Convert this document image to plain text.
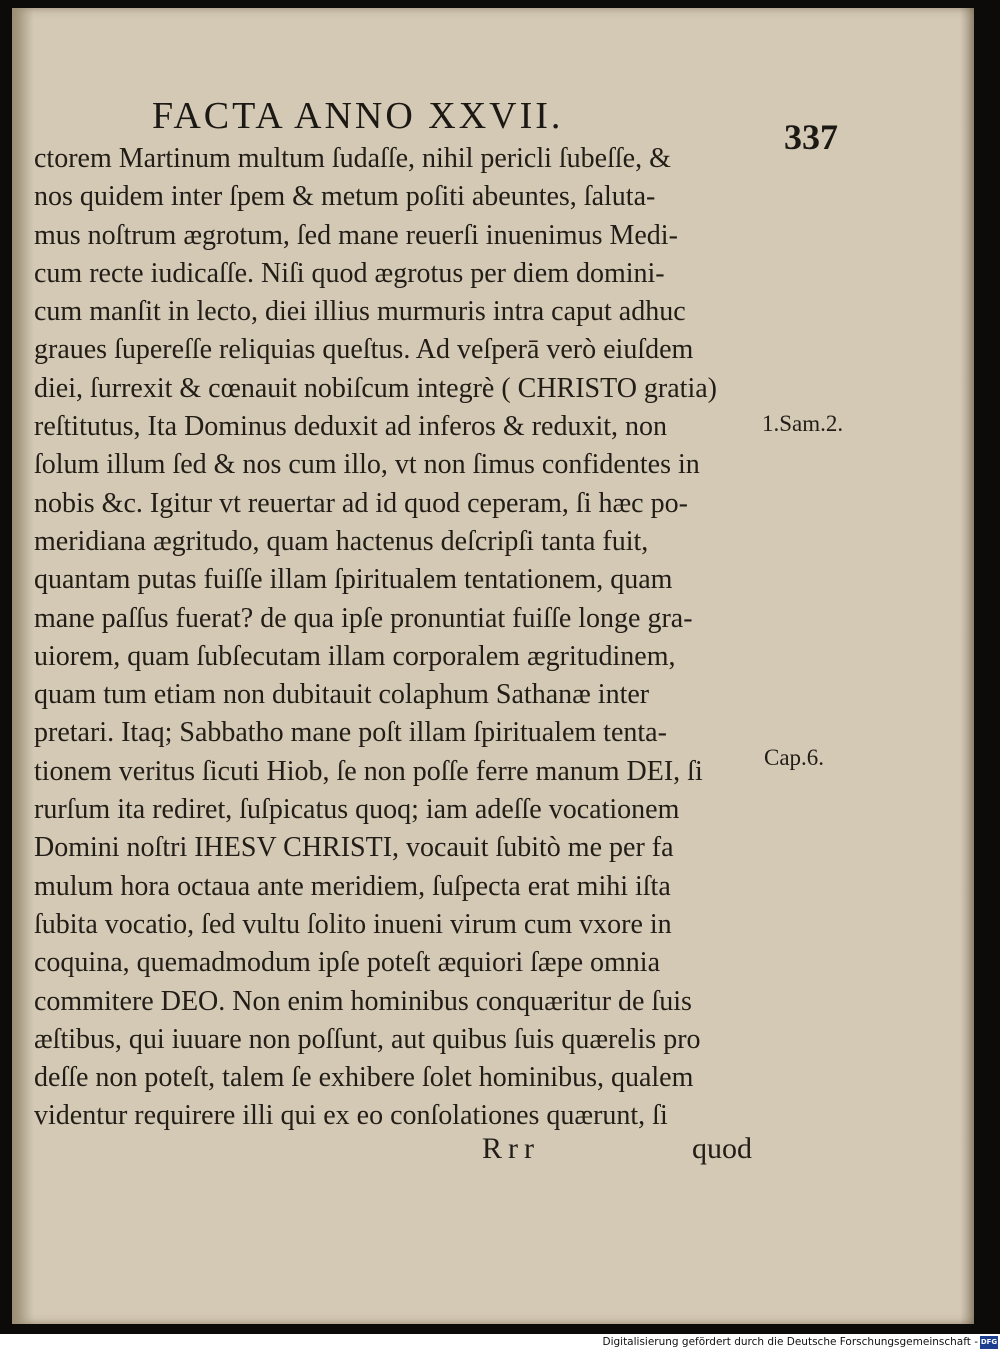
FACTA ANNO XXVII.	337
ctorem Martinum multum ſudaſſe, nihil pericli ſubeſſe, &
nos quidem inter ſpem & metum poſiti abeuntes, ſaluta-
mus noſtrum ægrotum, ſed mane reuerſi inuenimus Medi-
cum recte iudicaſſe. Niſi quod ægrotus per diem domini-
cum manſit in lecto, diei illius murmuris intra caput adhuc
graues ſupereſſe reliquias queſtus. Ad veſperā verò eiuſdem
diei, ſurrexit & cœnauit nobiſcum integrè ( CHRISTO gratia)
reſtitutus, Ita Dominus deduxit ad inferos & reduxit, non
ſolum illum ſed & nos cum illo, vt non ſimus confidentes in
nobis &c. Igitur vt reuertar ad id quod ceperam, ſi hæc po-
meridiana ægritudo, quam hactenus deſcripſi tanta fuit,
quantam putas fuiſſe illam ſpiritualem tentationem, quam
mane paſſus fuerat? de qua ipſe pronuntiat fuiſſe longe gra-
uiorem, quam ſubſecutam illam corporalem ægritudinem,
quam tum etiam non dubitauit colaphum Sathanæ inter
pretari. Itaq; Sabbatho mane poſt illam ſpiritualem tenta-
tionem veritus ſicuti Hiob, ſe non poſſe ferre manum DEI, ſi
rurſum ita rediret, ſuſpicatus quoq; iam adeſſe vocationem
Domini noſtri IHESV CHRISTI, vocauit ſubitò me per fa
mulum hora octaua ante meridiem, ſuſpecta erat mihi iſta
ſubita vocatio, ſed vultu ſolito inueni virum cum vxore in
coquina, quemadmodum ipſe poteſt æquiori ſæpe omnia
commitere DEO. Non enim hominibus conquæritur de ſuis
æſtibus, qui iuuare non poſſunt, aut quibus ſuis quærelis pro
deſſe non poteſt, talem ſe exhibere ſolet hominibus, qualem
videntur requirere illi qui ex eo conſolationes quærunt, ſi
1.Sam.2.
Cap.6.
Rrr	quod
Digitalisierung gefördert durch die Deutsche Forschungsgemeinschaft - DFG
